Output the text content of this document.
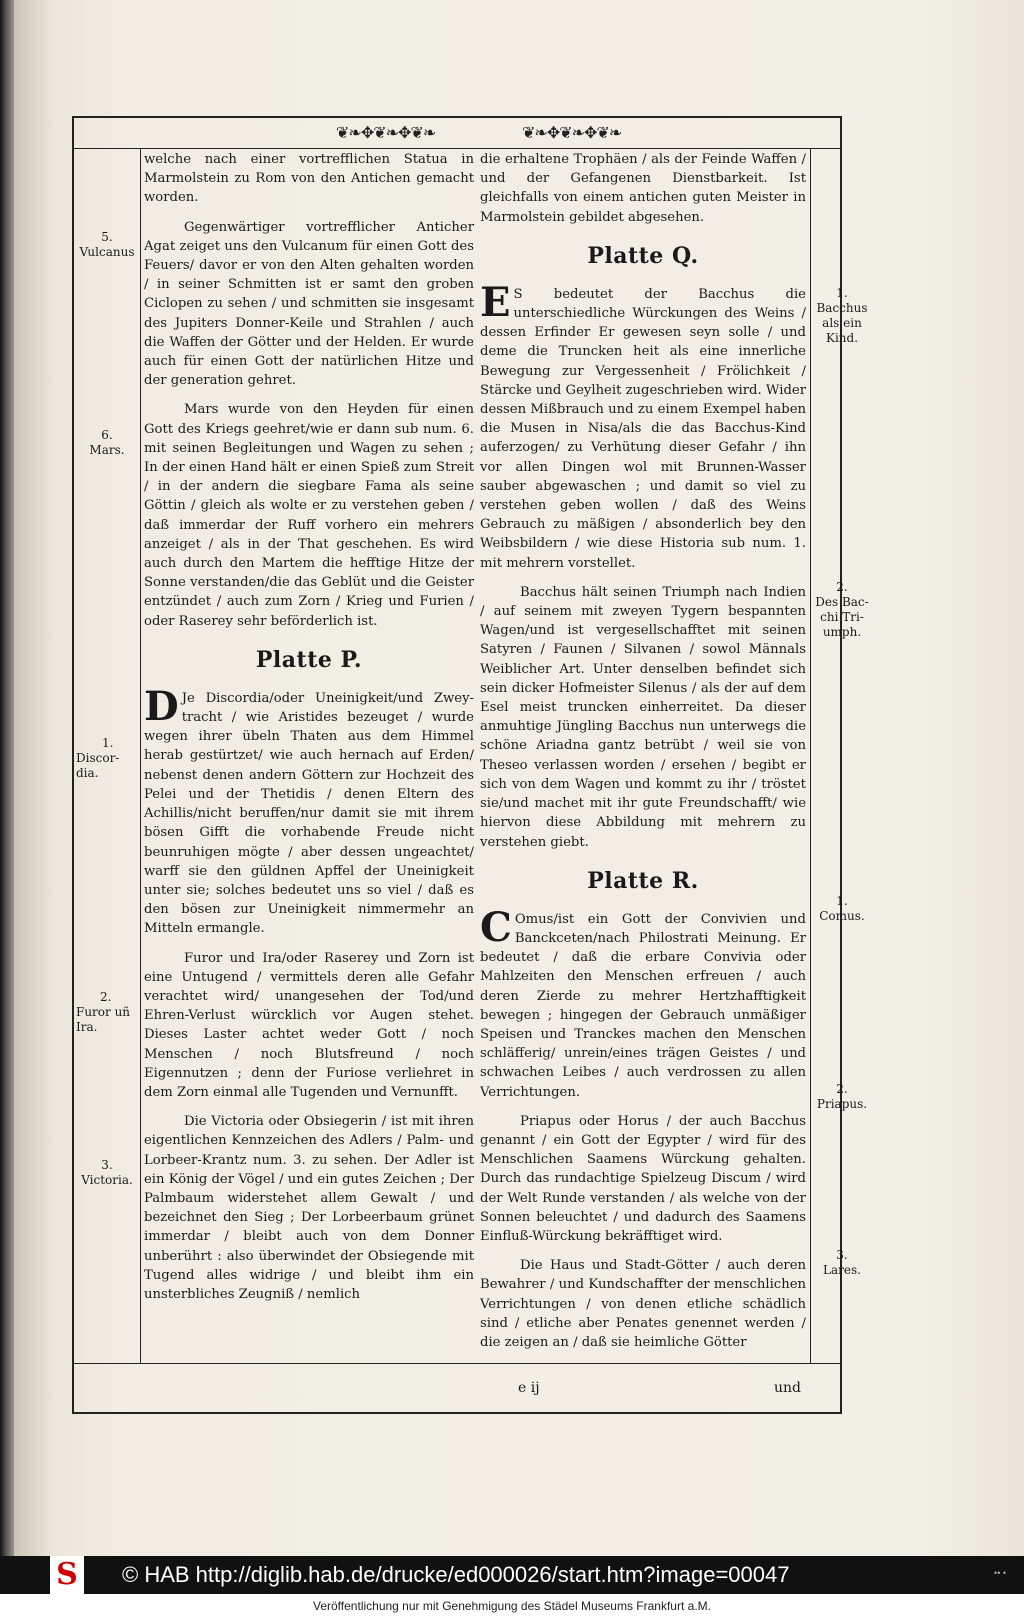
❦❧✥❦❧✥❦❧	❦❧✥❦❧✥❦❧

welche nach einer vortrefflichen Statua in Marmolstein zu Rom von den Antichen gemacht worden.

Gegenwärtiger vortrefflicher Anticher Agat zeiget uns den Vulcanum für einen Gott des Feuers/ davor er von den Alten gehalten worden / in seiner Schmitten ist er samt den groben Ciclopen zu sehen / und schmitten sie insgesamt des Jupiters Donner-Keile und Strahlen / auch die Waffen der Götter und der Helden. Er wurde auch für einen Gott der natürlichen Hitze und der generation gehret.

Mars wurde von den Heyden für einen Gott des Kriegs geehret/wie er dann sub num. 6. mit seinen Begleitungen und Wagen zu sehen ; In der einen Hand hält er einen Spieß zum Streit / in der andern die siegbare Fama als seine Göttin / gleich als wolte er zu verstehen geben / daß immerdar der Ruff vorhero ein mehrers anzeiget / als in der That geschehen. Es wird auch durch den Martem die hefftige Hitze der Sonne verstanden/die das Geblüt und die Geister entzündet / auch zum Zorn / Krieg und Furien / oder Raserey sehr beförderlich ist.

Platte P.

D Je Discordia/oder Uneinigkeit/und Zwey-tracht / wie Aristides bezeuget / wurde wegen ihrer übeln Thaten aus dem Himmel herab gestürtzet/ wie auch hernach auf Erden/ nebenst denen andern Göttern zur Hochzeit des Pelei und der Thetidis / denen Eltern des Achillis/nicht beruffen/nur damit sie mit ihrem bösen Gifft die vorhabende Freude nicht beunruhigen mögte / aber dessen ungeachtet/ warff sie den güldnen Apffel der Uneinigkeit unter sie; solches bedeutet uns so viel / daß es den bösen zur Uneinigkeit nimmermehr an Mitteln ermangle.

Furor und Ira/oder Raserey und Zorn ist eine Untugend / vermittels deren alle Gefahr verachtet wird/ unangesehen der Tod/und Ehren-Verlust würcklich vor Augen stehet. Dieses Laster achtet weder Gott / noch Menschen / noch Blutsfreund / noch Eigennutzen ; denn der Furiose verliehret in dem Zorn einmal alle Tugenden und Vernunfft.

Die Victoria oder Obsiegerin / ist mit ihren eigentlichen Kennzeichen des Adlers / Palm- und Lorbeer-Krantz num. 3. zu sehen. Der Adler ist ein König der Vögel / und ein gutes Zeichen ; Der Palmbaum widerstehet allem Gewalt / und bezeichnet den Sieg ; Der Lorbeerbaum grünet immerdar / bleibt auch von dem Donner unberührt : also überwindet der Obsiegende mit Tugend alles widrige / und bleibt ihm ein unsterbliches Zeugniß / nemlich

die erhaltene Trophäen / als der Feinde Waffen / und der Gefangenen Dienstbarkeit. Ist gleichfalls von einem antichen guten Meister in Marmolstein gebildet abgesehen.

Platte Q.

E S bedeutet der Bacchus die unterschiedliche Würckungen des Weins / dessen Erfinder Er gewesen seyn solle / und deme die Truncken heit als eine innerliche Bewegung zur Vergessenheit / Frölichkeit / Stärcke und Geylheit zugeschrieben wird. Wider dessen Mißbrauch und zu einem Exempel haben die Musen in Nisa/als die das Bacchus-Kind auferzogen/ zu Verhütung dieser Gefahr / ihn vor allen Dingen wol mit Brunnen-Wasser sauber abgewaschen ; und damit so viel zu verstehen geben wollen / daß des Weins Gebrauch zu mäßigen / absonderlich bey den Weibsbildern / wie diese Historia sub num. 1. mit mehrern vorstellet.

Bacchus hält seinen Triumph nach Indien / auf seinem mit zweyen Tygern bespannten Wagen/und ist vergesellschafftet mit seinen Satyren / Faunen / Silvanen / sowol Männals Weiblicher Art. Unter denselben befindet sich sein dicker Hofmeister Silenus / als der auf dem Esel meist truncken einherreitet. Da dieser anmuhtige Jüngling Bacchus nun unterwegs die schöne Ariadna gantz betrübt / weil sie von Theseo verlassen worden / ersehen / begibt er sich von dem Wagen und kommt zu ihr / tröstet sie/und machet mit ihr gute Freundschafft/ wie hiervon diese Abbildung mit mehrern zu verstehen giebt.

Platte R.

C Omus/ist ein Gott der Convivien und Banckceten/nach Philostrati Meinung. Er bedeutet / daß die erbare Convivia oder Mahlzeiten den Menschen erfreuen / auch deren Zierde zu mehrer Hertzhafftigkeit bewegen ; hingegen der Gebrauch unmäßiger Speisen und Tranckes machen den Menschen schläfferig/ unrein/eines trägen Geistes / und schwachen Leibes / auch verdrossen zu allen Verrichtungen.

Priapus oder Horus / der auch Bacchus genannt / ein Gott der Egypter / wird für des Menschlichen Saamens Würckung gehalten. Durch das rundachtige Spielzeug Discum / wird der Welt Runde verstanden / als welche von der Sonnen beleuchtet / und dadurch des Saamens Einfluß-Würckung bekräfftiget wird.

Die Haus und Stadt-Götter / auch deren Bewahrer / und Kundschaffter der menschlichen Verrichtungen / von denen etliche schädlich sind / etliche aber Penates genennet werden / die zeigen an / daß sie heimliche Götter

5.
Vulcanus
6.
Mars.
1.
Discor-
dia.
2.
Furor uñ
Ira.
3.
Victoria.
1.
Bacchus
als ein
Kind.
2.
Des Bac-
chi Tri-
umph.
1.
Comus.
2.
Priapus.
3.
Lares.
e ij	und
S © HAB http://diglib.hab.de/drucke/ed000026/start.htm?image=00047	•• •
Veröffentlichung nur mit Genehmigung des Städel Museums Frankfurt a.M.
